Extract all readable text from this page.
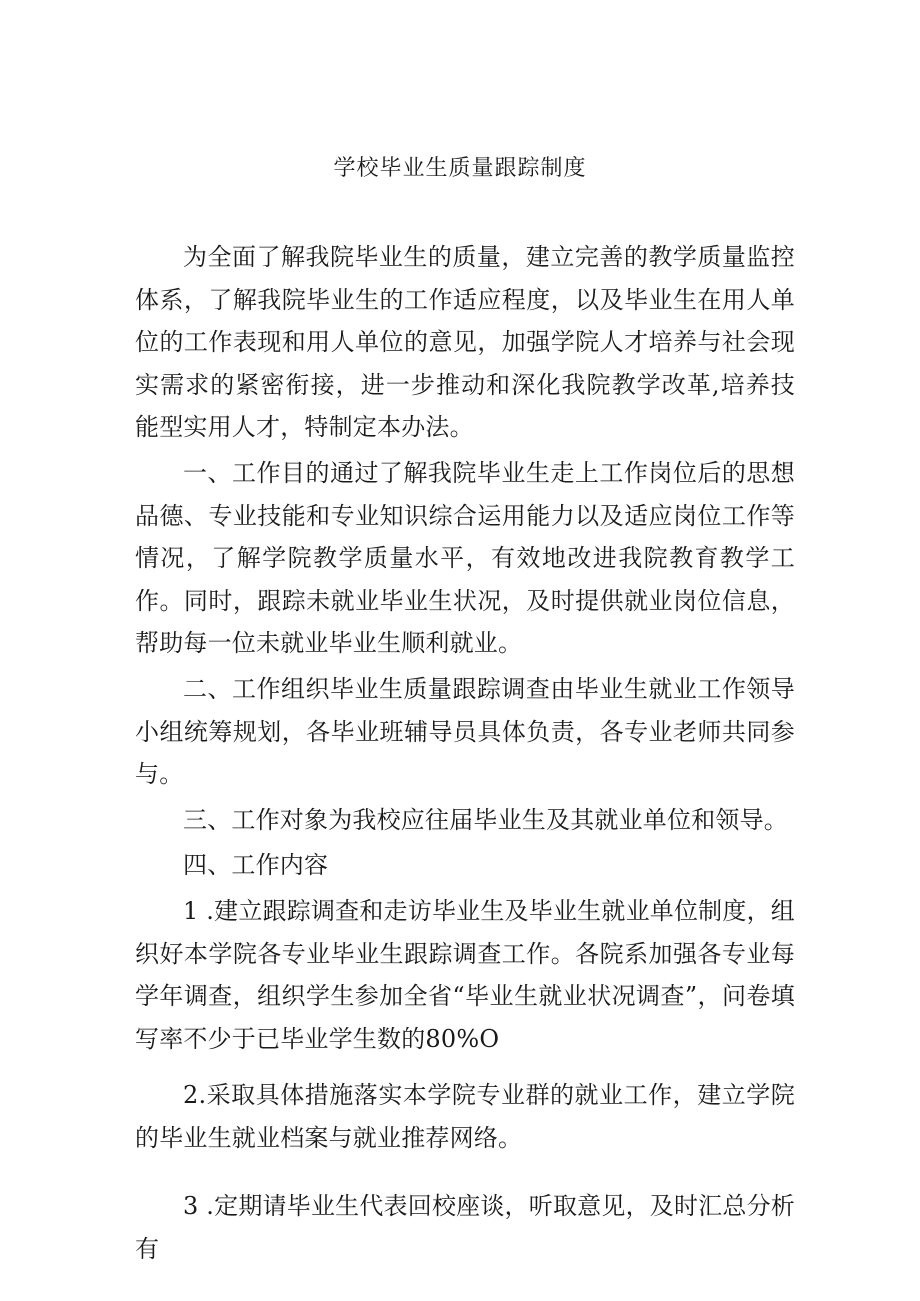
学校毕业生质量跟踪制度

为全面了解我院毕业生的质量，建立完善的教学质量监控体系，了解我院毕业生的工作适应程度，以及毕业生在用人单位的工作表现和用人单位的意见，加强学院人才培养与社会现实需求的紧密衔接，进一步推动和深化我院教学改革,培养技能型实用人才，特制定本办法。

一、工作目的通过了解我院毕业生走上工作岗位后的思想品德、专业技能和专业知识综合运用能力以及适应岗位工作等情况，了解学院教学质量水平，有效地改进我院教育教学工作。同时，跟踪未就业毕业生状况，及时提供就业岗位信息，帮助每一位未就业毕业生顺利就业。

二、工作组织毕业生质量跟踪调查由毕业生就业工作领导小组统筹规划，各毕业班辅导员具体负责，各专业老师共同参与。

三、工作对象为我校应往届毕业生及其就业单位和领导。

四、工作内容

1 .建立跟踪调查和走访毕业生及毕业生就业单位制度，组织好本学院各专业毕业生跟踪调查工作。各院系加强各专业每学年调查，组织学生参加全省“毕业生就业状况调查”，问卷填写率不少于已毕业学生数的80%O

2.采取具体措施落实本学院专业群的就业工作，建立学院的毕业生就业档案与就业推荐网络。

3 .定期请毕业生代表回校座谈，听取意见，及时汇总分析有
